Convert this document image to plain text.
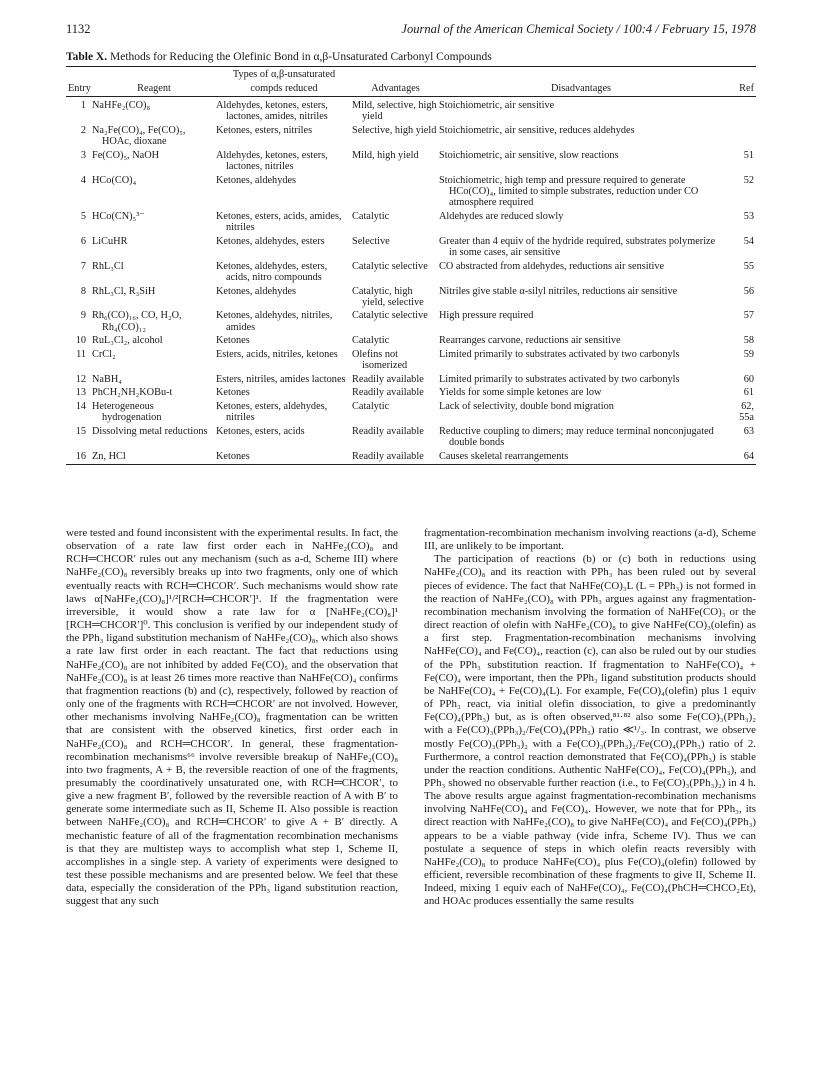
1132	Journal of the American Chemical Society / 100:4 / February 15, 1978
Table X. Methods for Reducing the Olefinic Bond in α,β-Unsaturated Carbonyl Compounds
		Types of α,β-unsaturated			
Entry	Reagent	compds reduced	Advantages	Disadvantages	Ref
1	NaHFe₂(CO)₈	Aldehydes, ketones, esters, lactones, amides, nitriles	Mild, selective, high yield	Stoichiometric, air sensitive	
2	Na₂Fe(CO)₄, Fe(CO)₅, HOAc, dioxane	Ketones, esters, nitriles	Selective, high yield	Stoichiometric, air sensitive, reduces aldehydes	
3	Fe(CO)₅, NaOH	Aldehydes, ketones, esters, lactones, nitriles	Mild, high yield	Stoichiometric, air sensitive, slow reactions	51
4	HCo(CO)₄	Ketones, aldehydes		Stoichiometric, high temp and pressure required to generate HCo(CO)₄, limited to simple substrates, reduction under CO atmosphere required	52
5	HCo(CN)₅³⁻	Ketones, esters, acids, amides, nitriles	Catalytic	Aldehydes are reduced slowly	53
6	LiCuHR	Ketones, aldehydes, esters	Selective	Greater than 4 equiv of the hydride required, substrates polymerize in some cases, air sensitive	54
7	RhL₃Cl	Ketones, aldehydes, esters, acids, nitro compounds	Catalytic selective	CO abstracted from aldehydes, reductions air sensitive	55
8	RhL₃Cl, R₃SiH	Ketones, aldehydes	Catalytic, high yield, selective	Nitriles give stable α-silyl nitriles, reductions air sensitive	56
9	Rh₆(CO)₁₆, CO, H₂O, Rh₄(CO)₁₂	Ketones, aldehydes, nitriles, amides	Catalytic selective	High pressure required	57
10	RuL₃Cl₂, alcohol	Ketones	Catalytic	Rearranges carvone, reductions air sensitive	58
11	CrCl₂	Esters, acids, nitriles, ketones	Olefins not isomerized	Limited primarily to substrates activated by two carbonyls	59
12	NaBH₄	Esters, nitriles, amides lactones	Readily available	Limited primarily to substrates activated by two carbonyls	60
13	PhCH₂NH₂KOBu-t	Ketones	Readily available	Yields for some simple ketones are low	61
14	Heterogeneous hydrogenation	Ketones, esters, aldehydes, nitriles	Catalytic	Lack of selectivity, double bond migration	62, 55a
15	Dissolving metal reductions	Ketones, esters, acids	Readily available	Reductive coupling to dimers; may reduce terminal nonconjugated double bonds	63
16	Zn, HCl	Ketones	Readily available	Causes skeletal rearrangements	64

were tested and found inconsistent with the experimental results. In fact, the observation of a rate law first order each in NaHFe₂(CO)₈ and RCH═CHCOR′ rules out any mechanism (such as a-d, Scheme III) where NaHFe₂(CO)₈ reversibly breaks up into two fragments, only one of which eventually reacts with RCH═CHCOR′. Such mechanisms would show rate laws α[NaHFe₂(CO)₈]¹/²[RCH═CHCOR′]¹. If the fragmentation were irreversible, it would show a rate law for α [NaHFe₂(CO)₈]¹ [RCH═CHCOR′]⁰. This conclusion is verified by our independent study of the PPh₃ ligand substitution mechanism of NaHFe₂(CO)₈, which also shows a rate law first order in each reactant. The fact that reductions using NaHFe₂(CO)₈ are not inhibited by added Fe(CO)₅ and the observation that NaHFe₂(CO)₈ is at least 26 times more reactive than NaHFe(CO)₄ confirms that fragmention reactions (b) and (c), respectively, followed by reaction of only one of the fragments with RCH═CHCOR′ are not involved. However, other mechanisms involving NaHFe₂(CO)₈ fragmentation can be written that are consistent with the observed kinetics, first order each in NaHFe₂(CO)₈ and RCH═CHCOR′. In general, these fragmentation-recombination mechanisms⁶⁶ involve reversible breakup of NaHFe₂(CO)₈ into two fragments, A + B, the reversible reaction of one of the fragments, presumably the coordinatively unsaturated one, with RCH═CHCOR′, to give a new fragment B′, followed by the reversible reaction of A with B′ to generate some intermediate such as II, Scheme II. Also possible is reaction between NaHFe₂(CO)₈ and RCH═CHCOR′ to give A + B′ directly. A mechanistic feature of all of the fragmentation recombination mechanisms is that they are multistep ways to accomplish what step 1, Scheme II, accomplishes in a single step. A variety of experiments were designed to test these possible mechanisms and are presented below. We feel that these data, especially the consideration of the PPh₃ ligand substitution reaction, suggest that any such

fragmentation-recombination mechanism involving reactions (a-d), Scheme III, are unlikely to be important.

The participation of reactions (b) or (c) both in reductions using NaHFe₂(CO)₈ and its reaction with PPh₃ has been ruled out by several pieces of evidence. The fact that NaHFe(CO)₃L (L = PPh₃) is not formed in the reaction of NaHFe₂(CO)₈ with PPh₃ argues against any fragmentation-recombination mechanism involving the formation of NaHFe(CO)₃ or the direct reaction of olefin with NaHFe₂(CO)₈ to give NaHFe(CO)₃(olefin) as a first step. Fragmentation-recombination mechanisms involving NaHFe(CO)₄ and Fe(CO)₄, reaction (c), can also be ruled out by our studies of the PPh₃ substitution reaction. If fragmentation to NaHFe(CO)₄ + Fe(CO)₄ were important, then the PPh₃ ligand substitution products should be NaHFe(CO)₄ + Fe(CO)₄(L). For example, Fe(CO)₄(olefin) plus 1 equiv of PPh₃ react, via initial olefin dissociation, to give a predominantly Fe(CO)₄(PPh₃) but, as is often observed,⁸¹·⁸² also some Fe(CO)₃(PPh₃)₂ with a Fe(CO)₃(PPh₃)₂/Fe(CO)₄(PPh₃) ratio ≪¹/₃. In contrast, we observe mostly Fe(CO)₃(PPh₃)₂ with a Fe(CO)₃(PPh₃)₂/Fe(CO)₄(PPh₃) ratio of 2. Furthermore, a control reaction demonstrated that Fe(CO)₄(PPh₃) is stable under the reaction conditions. Authentic NaHFe(CO)₄, Fe(CO)₄(PPh₃), and PPh₃ showed no observable further reaction (i.e., to Fe(CO)₃(PPh₃)₂) in 4 h. The above results argue against fragmentation-recombination mechanisms involving NaHFe(CO)₄ and Fe(CO)₄. However, we note that for PPh₃, its direct reaction with NaHFe₂(CO)₈ to give NaHFe(CO)₄ and Fe(CO)₄(PPh₃) appears to be a viable pathway (vide infra, Scheme IV). Thus we can postulate a sequence of steps in which olefin reacts reversibly with NaHFe₂(CO)₈ to produce NaHFe(CO)₄ plus Fe(CO)₄(olefin) followed by efficient, reversible recombination of these fragments to give II, Scheme II. Indeed, mixing 1 equiv each of NaHFe(CO)₄, Fe(CO)₄(PhCH═CHCO₂Et), and HOAc produces essentially the same results
